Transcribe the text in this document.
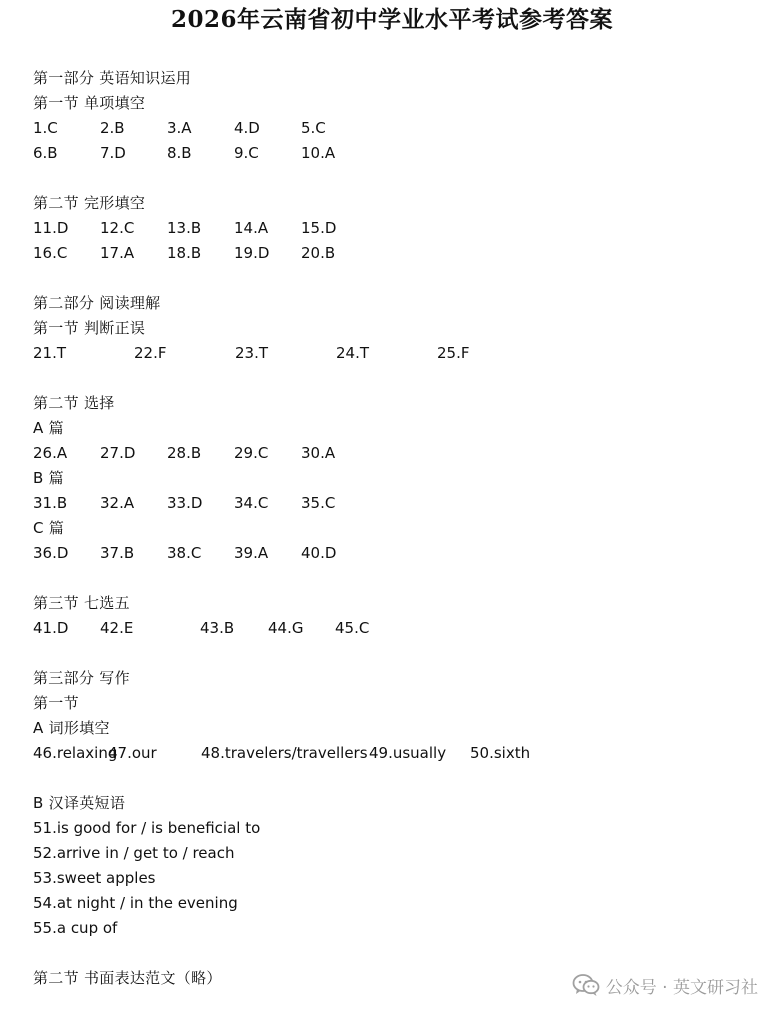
2026年云南省初中学业水平考试参考答案
第一部分 英语知识运用
第一节 单项填空
1.C	2.B	3.A	4.D	5.C
6.B	7.D	8.B	9.C	10.A
第二节 完形填空
11.D 12.C 13.B 14.A 15.D
16.C 17.A 18.B 19.D 20.B
第二部分 阅读理解
第一节 判断正误
21.T	22.F	23.T	24.T	25.F
第二节 选择
A 篇
26.A 27.D 28.B 29.C 30.A
B 篇
31.B 32.A 33.D 34.C 35.C
C 篇
36.D 37.B 38.C 39.A 40.D
第三节 七选五
41.D 42.E	43.B 44.G 45.C
第三部分 写作
第一节
A 词形填空
46.relaxing47.our	48.travelers/travellers49.usually 50.sixth
B 汉译英短语
51.is good for / is beneficial to
52.arrive in / get to / reach
53.sweet apples
54.at night / in the evening
55.a cup of
第二节 书面表达范文（略）	公众号 · 英文研习社
